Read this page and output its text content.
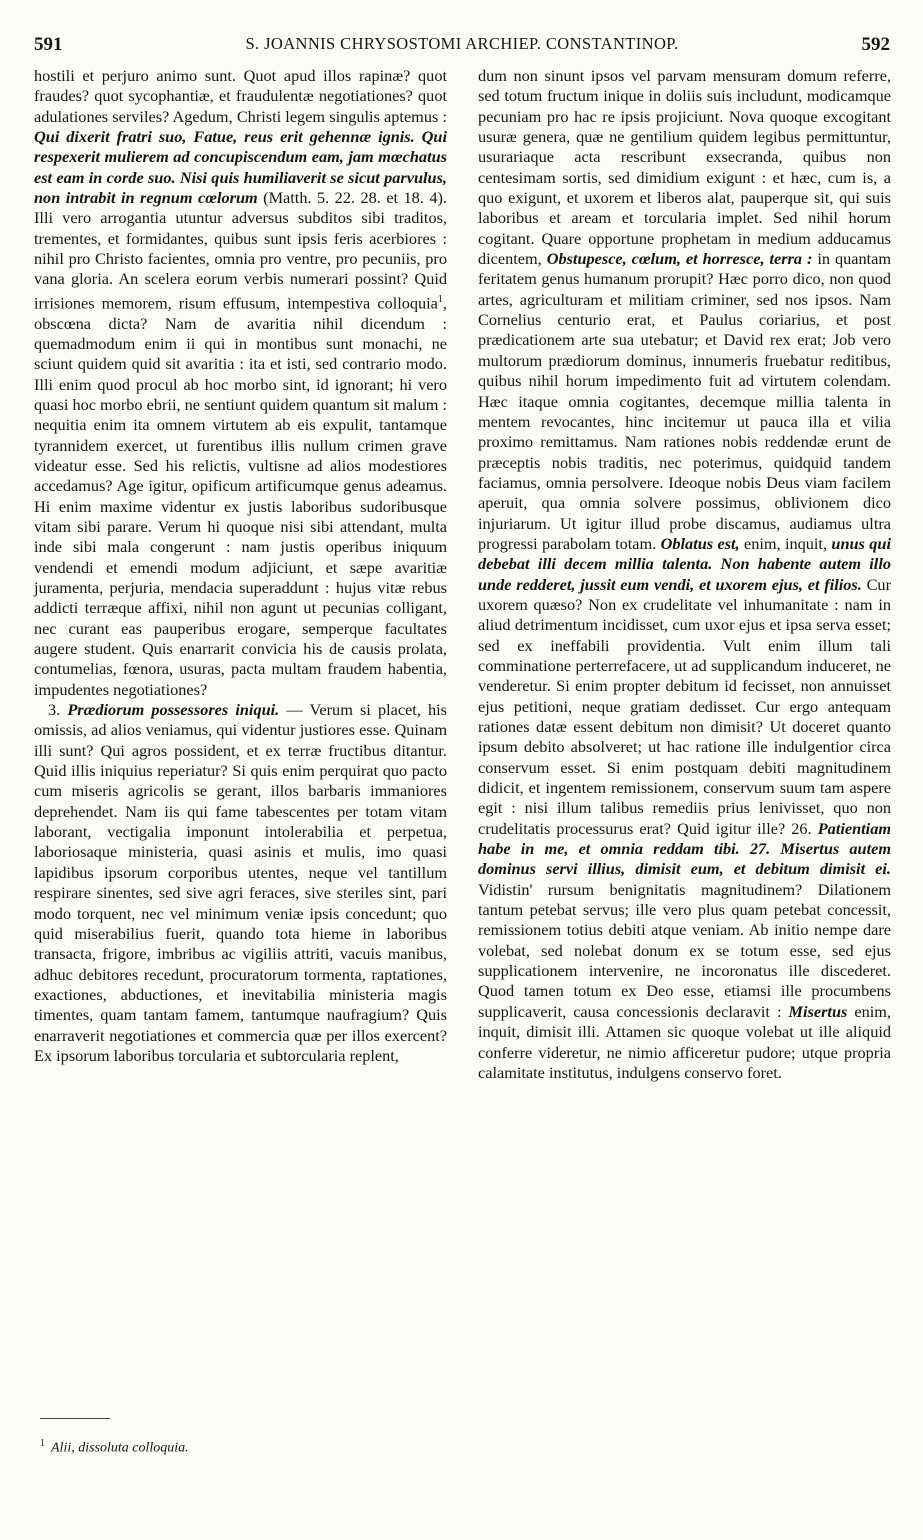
591	S. JOANNIS CHRYSOSTOMI ARCHIEP. CONSTANTINOP.	592

hostili et perjuro animo sunt. Quot apud illos rapinæ? quot fraudes? quot sycophantiæ, et fraudulentæ negotiationes? quot adulationes serviles? Agedum, Christi legem singulis aptemus : Qui dixerit fratri suo, Fatue, reus erit gehennæ ignis. Qui respexerit mulierem ad concupiscendum eam, jam mœchatus est eam in corde suo. Nisi quis humiliaverit se sicut parvulus, non intrabit in regnum cœlorum (Matth. 5. 22. 28. et 18. 4). Illi vero arrogantia utuntur adversus subditos sibi traditos, trementes, et formidantes, quibus sunt ipsis feris acerbiores : nihil pro Christo facientes, omnia pro ventre, pro pecuniis, pro vana gloria. An scelera eorum verbis numerari possint? Quid irrisiones memorem, risum effusum, intempestiva colloquia$^1$, obscœna dicta? Nam de avaritia nihil dicendum : quemadmodum enim ii qui in montibus sunt monachi, ne sciunt quidem quid sit avaritia : ita et isti, sed contrario modo. Illi enim quod procul ab hoc morbo sint, id ignorant; hi vero quasi hoc morbo ebrii, ne sentiunt quidem quantum sit malum : nequitia enim ita omnem virtutem ab eis expulit, tantamque tyrannidem exercet, ut furentibus illis nullum crimen grave videatur esse. Sed his relictis, vultisne ad alios modestiores accedamus? Age igitur, opificum artificumque genus adeamus. Hi enim maxime videntur ex justis laboribus sudoribusque vitam sibi parare. Verum hi quoque nisi sibi attendant, multa inde sibi mala congerunt : nam justis operibus iniquum vendendi et emendi modum adjiciunt, et sæpe avaritiæ juramenta, perjuria, mendacia superaddunt : hujus vitæ rebus addicti terræque affixi, nihil non agunt ut pecunias colligant, nec curant eas pauperibus erogare, semperque facultates augere student. Quis enarrarit convicia his de causis prolata, contumelias, fœnora, usuras, pacta multam fraudem habentia, impudentes negotiationes?

3. Prædiorum possessores iniqui. — Verum si placet, his omissis, ad alios veniamus, qui videntur justiores esse. Quinam illi sunt? Qui agros possident, et ex terræ fructibus ditantur. Quid illis iniquius reperiatur? Si quis enim perquirat quo pacto cum miseris agricolis se gerant, illos barbaris immaniores deprehendet. Nam iis qui fame tabescentes per totam vitam laborant, vectigalia imponunt intolerabilia et perpetua, laboriosaque ministeria, quasi asinis et mulis, imo quasi lapidibus ipsorum corporibus utentes, neque vel tantillum respirare sinentes, sed sive agri feraces, sive steriles sint, pari modo torquent, nec vel minimum veniæ ipsis concedunt; quo quid miserabilius fuerit, quando tota hieme in laboribus transacta, frigore, imbribus ac vigiliis attriti, vacuis manibus, adhuc debitores recedunt, procuratorum tormenta, raptationes, exactiones, abductiones, et inevitabilia ministeria magis timentes, quam tantam famem, tantumque naufragium? Quis enarraverit negotiationes et commercia quæ per illos exercent? Ex ipsorum laboribus torcularia et subtorcularia replent,

dum non sinunt ipsos vel parvam mensuram domum referre, sed totum fructum inique in doliis suis includunt, modicamque pecuniam pro hac re ipsis projiciunt. Nova quoque excogitant usuræ genera, quæ ne gentilium quidem legibus permittuntur, usurariaque acta rescribunt exsecranda, quibus non centesimam sortis, sed dimidium exigunt : et hæc, cum is, a quo exigunt, et uxorem et liberos alat, pauperque sit, qui suis laboribus et aream et torcularia implet. Sed nihil horum cogitant. Quare opportune prophetam in medium adducamus dicentem, Obstupesce, cœlum, et horresce, terra : in quantam feritatem genus humanum prorupit? Hæc porro dico, non quod artes, agriculturam et militiam criminer, sed nos ipsos. Nam Cornelius centurio erat, et Paulus coriarius, et post prædicationem arte sua utebatur; et David rex erat; Job vero multorum prædiorum dominus, innumeris fruebatur reditibus, quibus nihil horum impedimento fuit ad virtutem colendam. Hæc itaque omnia cogitantes, decemque millia talenta in mentem revocantes, hinc incitemur ut pauca illa et vilia proximo remittamus. Nam rationes nobis reddendæ erunt de præceptis nobis traditis, nec poterimus, quidquid tandem faciamus, omnia persolvere. Ideoque nobis Deus viam facilem aperuit, qua omnia solvere possimus, oblivionem dico injuriarum. Ut igitur illud probe discamus, audiamus ultra progressi parabolam totam. Oblatus est, enim, inquit, unus qui debebat illi decem millia talenta. Non habente autem illo unde redderet, jussit eum vendi, et uxorem ejus, et filios. Cur uxorem quæso? Non ex crudelitate vel inhumanitate : nam in aliud detrimentum incidisset, cum uxor ejus et ipsa serva esset; sed ex ineffabili providentia. Vult enim illum tali comminatione perterrefacere, ut ad supplicandum induceret, ne venderetur. Si enim propter debitum id fecisset, non annuisset ejus petitioni, neque gratiam dedisset. Cur ergo antequam rationes datæ essent debitum non dimisit? Ut doceret quanto ipsum debito absolveret; ut hac ratione ille indulgentior circa conservum esset. Si enim postquam debiti magnitudinem didicit, et ingentem remissionem, conservum suum tam aspere egit : nisi illum talibus remediis prius lenivisset, quo non crudelitatis processurus erat? Quid igitur ille? 26. Patientiam habe in me, et omnia reddam tibi. 27. Misertus autem dominus servi illius, dimisit eum, et debitum dimisit ei. Vidistin' rursum benignitatis magnitudinem? Dilationem tantum petebat servus; ille vero plus quam petebat concessit, remissionem totius debiti atque veniam. Ab initio nempe dare volebat, sed nolebat donum ex se totum esse, sed ejus supplicationem intervenire, ne incoronatus ille discederet. Quod tamen totum ex Deo esse, etiamsi ille procumbens supplicaverit, causa concessionis declaravit : Misertus enim, inquit, dimisit illi. Attamen sic quoque volebat ut ille aliquid conferre videretur, ne nimio afficeretur pudore; utque propria calamitate institutus, indulgens conservo foret.

$^1$ Alii, dissoluta colloquia.
